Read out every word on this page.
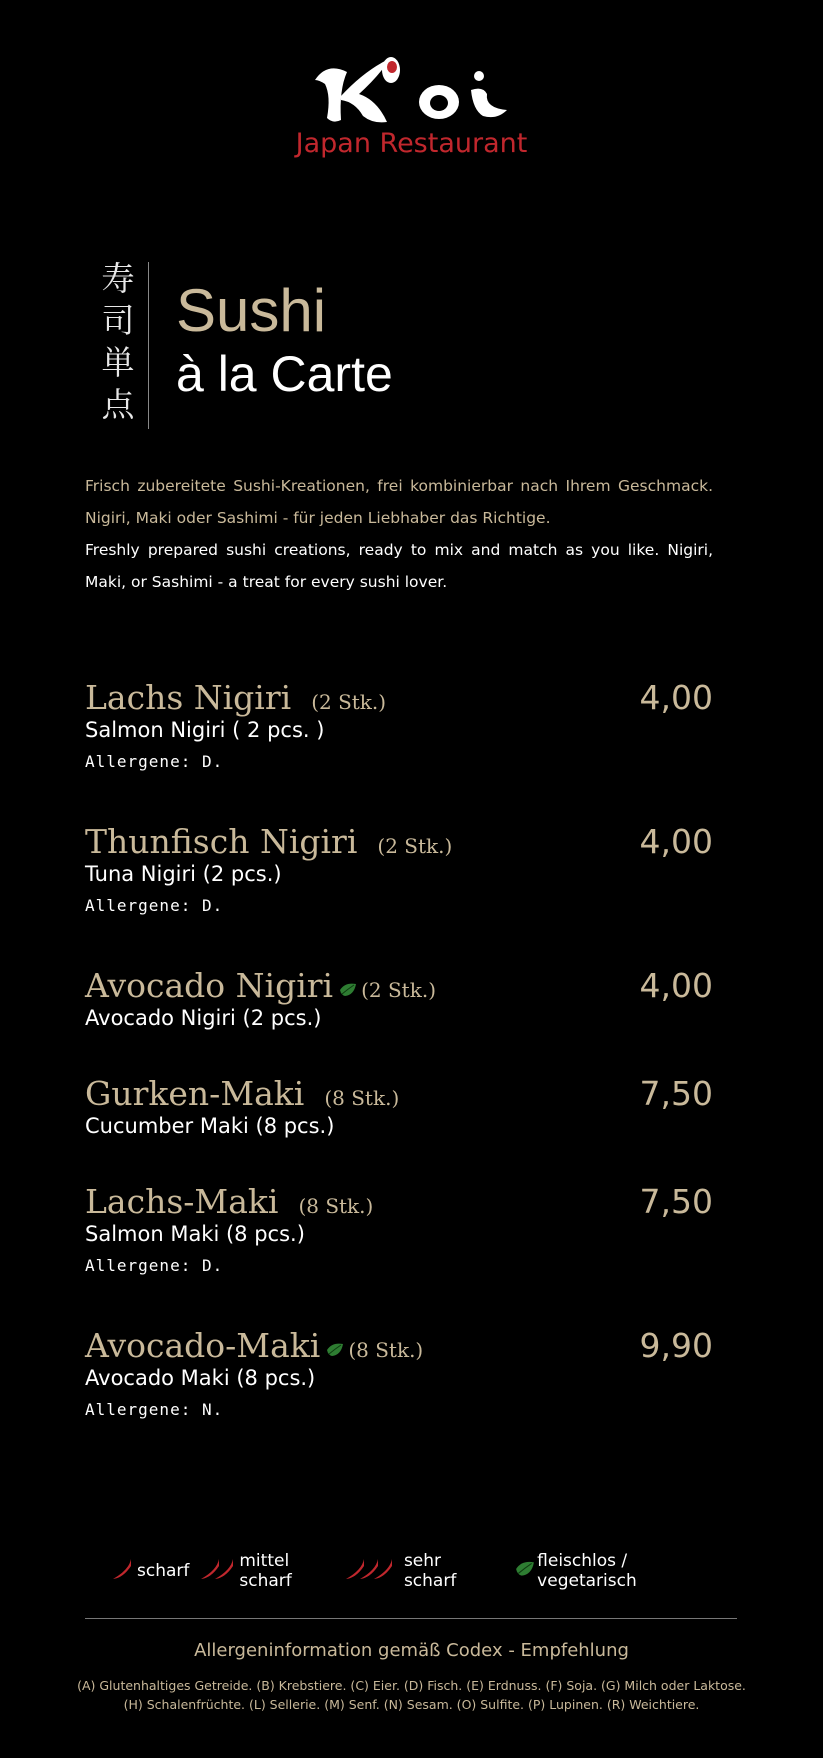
Japan Restaurant
寿
司
単
点
Sushi
à la Carte
Frisch zubereitete Sushi-Kreationen, frei kombinierbar nach Ihrem Geschmack. Nigiri, Maki oder Sashimi - für jeden Liebhaber das Richtige.
Freshly prepared sushi creations, ready to mix and match as you like. Nigiri, Maki, or Sashimi - a treat for every sushi lover.
Lachs Nigiri (2 Stk.)	4,00
Salmon Nigiri ( 2 pcs. )
Allergene: D.
Thunfisch Nigiri (2 Stk.)	4,00
Tuna Nigiri (2 pcs.)
Allergene: D.
Avocado Nigiri (2 Stk.)	4,00
Avocado Nigiri (2 pcs.)
Gurken-Maki (8 Stk.)	7,50
Cucumber Maki (8 pcs.)
Lachs-Maki (8 Stk.)	7,50
Salmon Maki (8 pcs.)
Allergene: D.
Avocado-Maki (8 Stk.)	9,90
Avocado Maki (8 pcs.)
Allergene: N.
scharf	mittel scharf
sehr scharf
fleischlos / vegetarisch
Allergeninformation gemäß Codex - Empfehlung
(A) Glutenhaltiges Getreide. (B) Krebstiere. (C) Eier. (D) Fisch. (E) Erdnuss. (F) Soja. (G) Milch oder Laktose.
(H) Schalenfrüchte. (L) Sellerie. (M) Senf. (N) Sesam. (O) Sulfite. (P) Lupinen. (R) Weichtiere.
